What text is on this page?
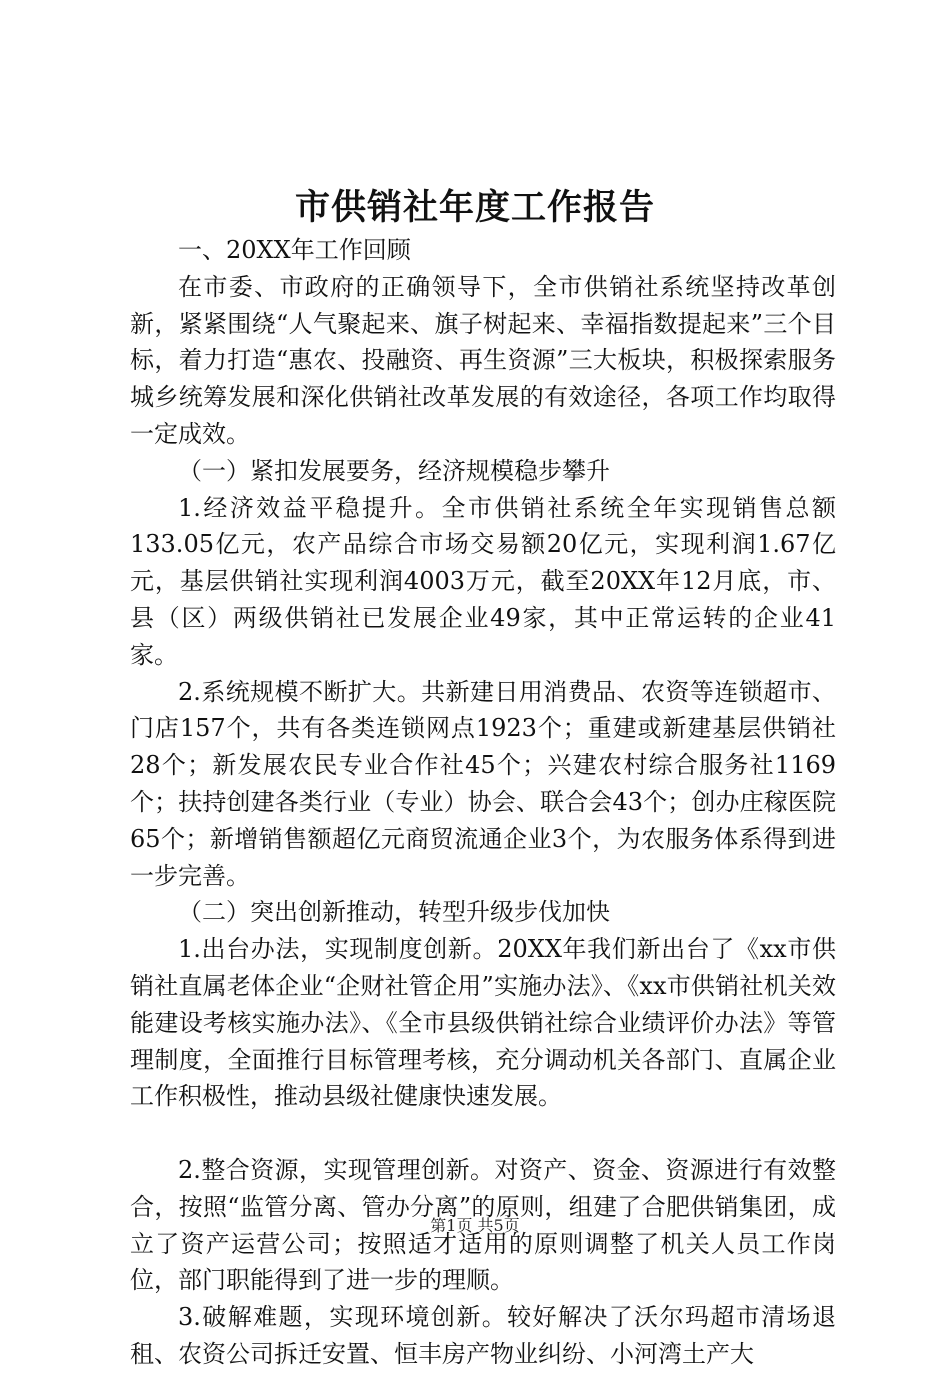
市供销社年度工作报告

一、20XX年工作回顾

在市委、市政府的正确领导下，全市供销社系统坚持改革创新，紧紧围绕“人气聚起来、旗子树起来、幸福指数提起来”三个目标，着力打造“惠农、投融资、再生资源”三大板块，积极探索服务城乡统筹发展和深化供销社改革发展的有效途径，各项工作均取得一定成效。

（一）紧扣发展要务，经济规模稳步攀升

1.经济效益平稳提升。全市供销社系统全年实现销售总额133.05亿元，农产品综合市场交易额20亿元，实现利润1.67亿元，基层供销社实现利润4003万元，截至20XX年12月底，市、县（区）两级供销社已发展企业49家，其中正常运转的企业41家。

2.系统规模不断扩大。共新建日用消费品、农资等连锁超市、门店157个，共有各类连锁网点1923个；重建或新建基层供销社28个；新发展农民专业合作社45个；兴建农村综合服务社1169个；扶持创建各类行业（专业）协会、联合会43个；创办庄稼医院65个；新增销售额超亿元商贸流通企业3个，为农服务体系得到进一步完善。

（二）突出创新推动，转型升级步伐加快

1.出台办法，实现制度创新。20XX年我们新出台了《xx市供销社直属老体企业“企财社管企用”实施办法》、《xx市供销社机关效能建设考核实施办法》、《全市县级供销社综合业绩评价办法》等管理制度，全面推行目标管理考核，充分调动机关各部门、直属企业工作积极性，推动县级社健康快速发展。

2.整合资源，实现管理创新。对资产、资金、资源进行有效整合，按照“监管分离、管办分离”的原则，组建了合肥供销集团，成立了资产运营公司；按照适才适用的原则调整了机关人员工作岗位，部门职能得到了进一步的理顺。

3.破解难题，实现环境创新。较好解决了沃尔玛超市清场退租、农资公司拆迁安置、恒丰房产物业纠纷、小河湾土产大

第1页 共5页
